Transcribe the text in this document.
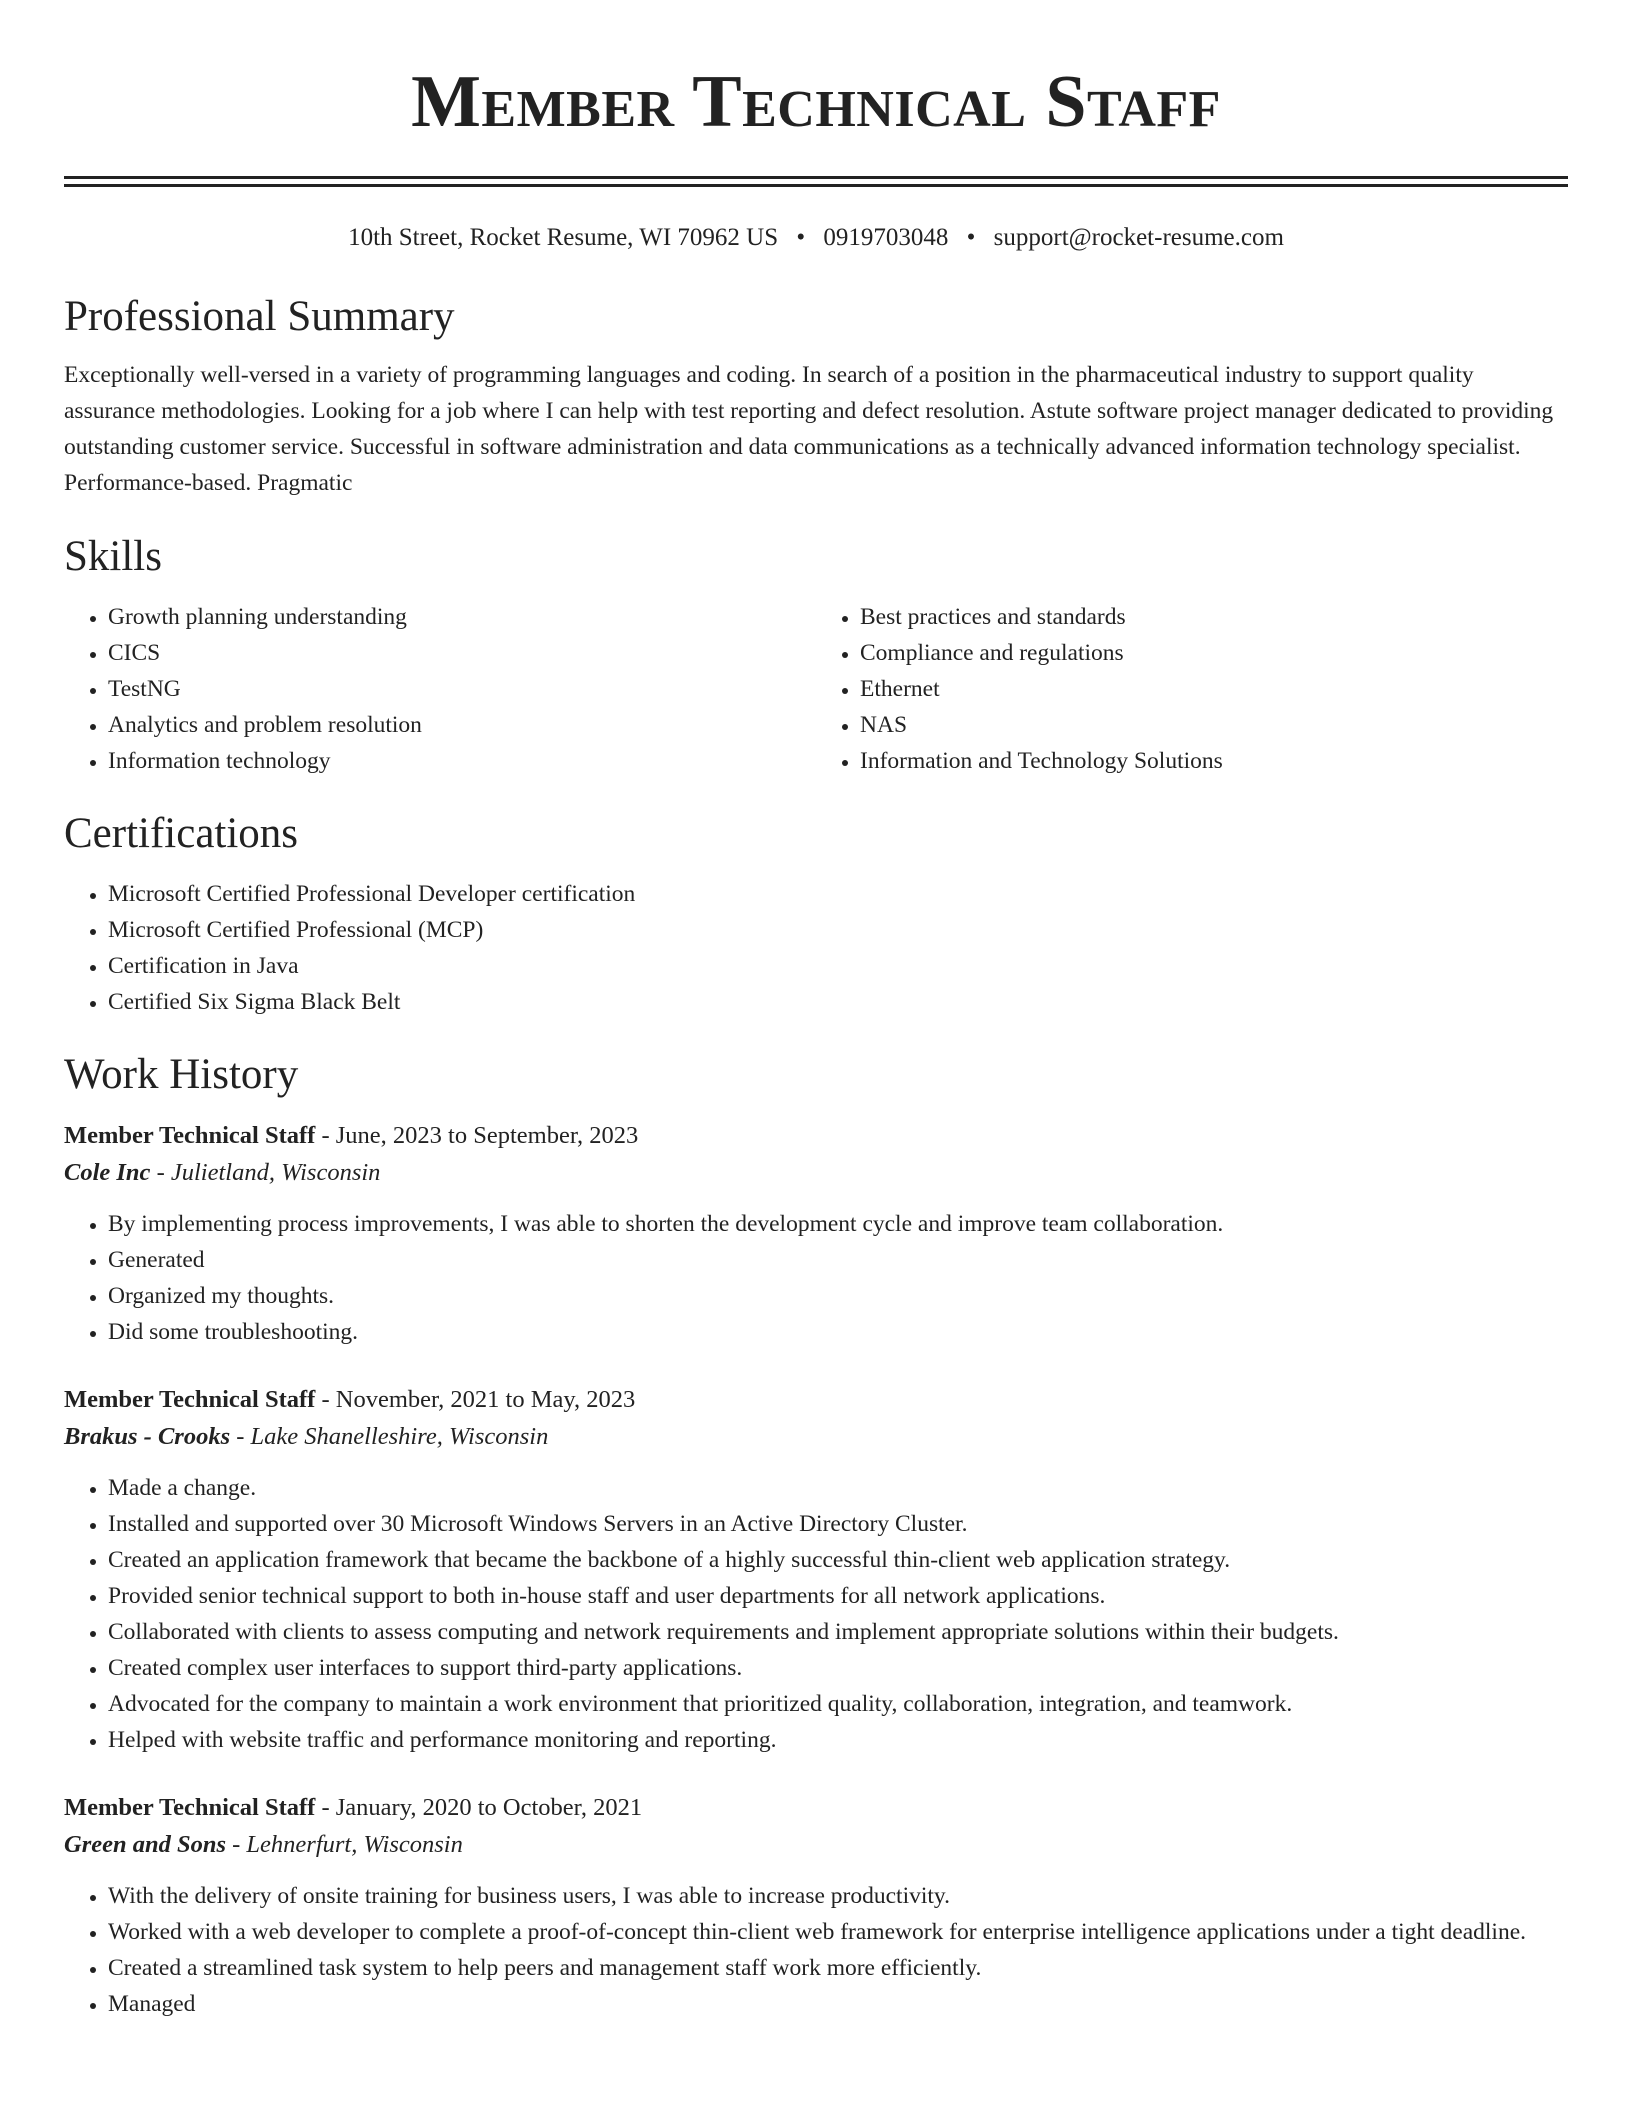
Member Technical Staff
10th Street, Rocket Resume, WI 70962 US • 0919703048 • support@rocket-resume.com
Professional Summary

Exceptionally well-versed in a variety of programming languages and coding. In search of a position in the pharmaceutical industry to support quality assurance methodologies. Looking for a job where I can help with test reporting and defect resolution. Astute software project manager dedicated to providing outstanding customer service. Successful in software administration and data communications as a technically advanced information technology specialist. Performance-based. Pragmatic

Skills
• Growth planning understanding
• CICS
• TestNG
• Analytics and problem resolution
• Information technology
• Best practices and standards
• Compliance and regulations
• Ethernet
• NAS
• Information and Technology Solutions
Certifications
• Microsoft Certified Professional Developer certification
• Microsoft Certified Professional (MCP)
• Certification in Java
• Certified Six Sigma Black Belt
Work History
Member Technical Staff - June, 2023 to September, 2023
Cole Inc - Julietland, Wisconsin
• By implementing process improvements, I was able to shorten the development cycle and improve team collaboration.
• Generated
• Organized my thoughts.
• Did some troubleshooting.
Member Technical Staff - November, 2021 to May, 2023
Brakus - Crooks - Lake Shanelleshire, Wisconsin
• Made a change.
• Installed and supported over 30 Microsoft Windows Servers in an Active Directory Cluster.
• Created an application framework that became the backbone of a highly successful thin-client web application strategy.
• Provided senior technical support to both in-house staff and user departments for all network applications.
• Collaborated with clients to assess computing and network requirements and implement appropriate solutions within their budgets.
• Created complex user interfaces to support third-party applications.
• Advocated for the company to maintain a work environment that prioritized quality, collaboration, integration, and teamwork.
• Helped with website traffic and performance monitoring and reporting.
Member Technical Staff - January, 2020 to October, 2021
Green and Sons - Lehnerfurt, Wisconsin
• With the delivery of onsite training for business users, I was able to increase productivity.
• Worked with a web developer to complete a proof-of-concept thin-client web framework for enterprise intelligence applications under a tight deadline.
• Created a streamlined task system to help peers and management staff work more efficiently.
• Managed
